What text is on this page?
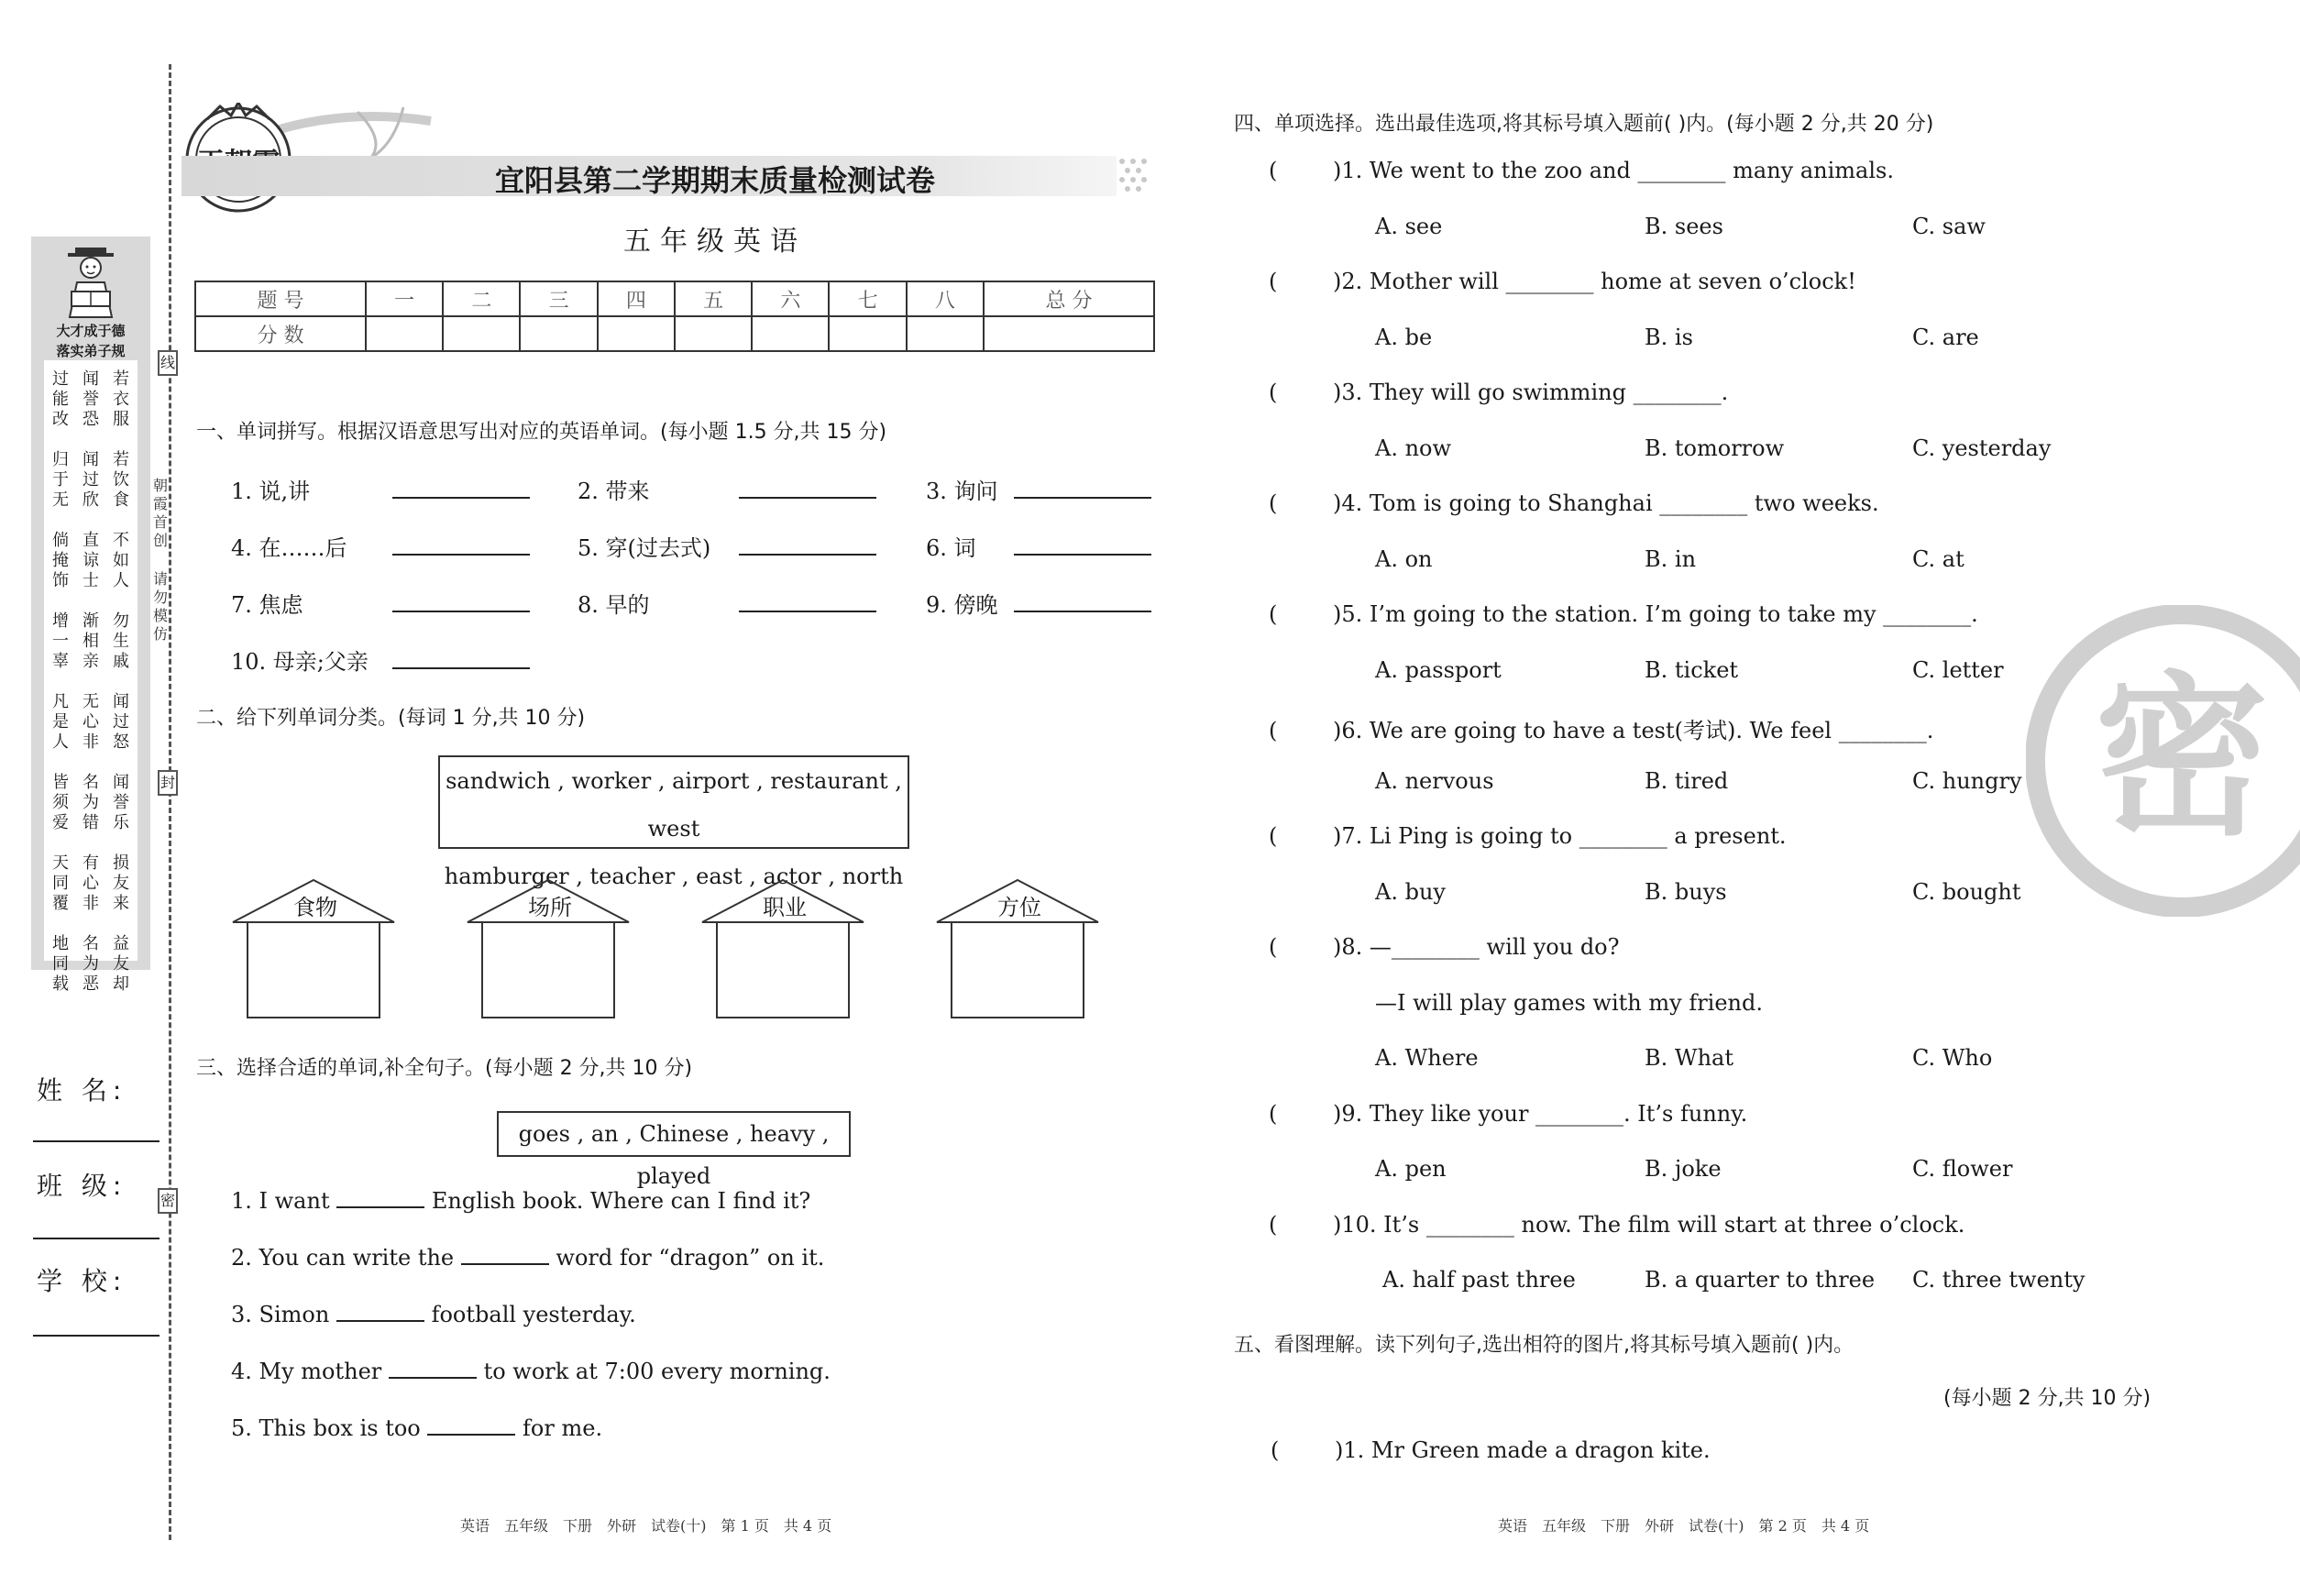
线
封
密
朝霞首创
请勿模仿
大才成于德
落实弟子规
过能改
闻誉恐
若衣服
归于无
闻过欣
若饮食
倘掩饰
直谅士
不如人
增一辜
渐相亲
勿生戚
凡是人
无心非
闻过怒
皆须爱
名为错
闻誉乐
天同覆
有心非
损友来
地同载
名为恶
益友却
姓 名:
班 级:
学 校:
宜阳县第二学期期末质量检测试卷
五年级英语
题 号	一	二	三	四	五	六	七	八	总 分
分 数									
一、单词拼写。根据汉语意思写出对应的英语单词。(每小题 1.5 分,共 15 分)
1. 说,讲	2. 带来	3. 询问
4. 在……后	5. 穿(过去式)	6. 词
7. 焦虑	8. 早的	9. 傍晚
10. 母亲;父亲
二、给下列单词分类。(每词 1 分,共 10 分)
sandwich , worker , airport , restaurant , west
hamburger , teacher , east , actor , north
食物	场所	职业	方位
三、选择合适的单词,补全句子。(每小题 2 分,共 10 分)
goes , an , Chinese , heavy , played
1. I want	English book. Where can I find it?
2. You can write the	word for “dragon” on it.
3. Simon	football yesterday.
4. My mother	to work at 7:00 every morning.
5. This box is too	for me.
英语　五年级　下册　外研　试卷(十)　第 1 页　共 4 页
四、单项选择。选出最佳选项,将其标号填入题前( )内。(每小题 2 分,共 20 分)
(	)1. We went to the zoo and ________ many animals.
A. see	B. sees	C. saw
(	)2. Mother will ________ home at seven o’clock!
A. be	B. is	C. are
(	)3. They will go swimming ________.
A. now	B. tomorrow	C. yesterday
(	)4. Tom is going to Shanghai ________ two weeks.
A. on	B. in	C. at
(	)5. I’m going to the station. I’m going to take my ________.
A. passport	B. ticket	C. letter
(	)6. We are going to have a test(考试). We feel ________.
A. nervous	B. tired	C. hungry
(	)7. Li Ping is going to ________ a present.
A. buy	B. buys	C. bought
(	)8. —________ will you do?
—I will play games with my friend.
A. Where	B. What	C. Who
(	)9. They like your ________. It’s funny.
A. pen	B. joke	C. flower
(	)10. It’s ________ now. The film will start at three o’clock.
A. half past three	B. a quarter to three C. three twenty
五、看图理解。读下列句子,选出相符的图片,将其标号填入题前( )内。
(每小题 2 分,共 10 分)
(	)1. Mr Green made a dragon kite.
英语　五年级　下册　外研　试卷(十)　第 2 页　共 4 页
密
